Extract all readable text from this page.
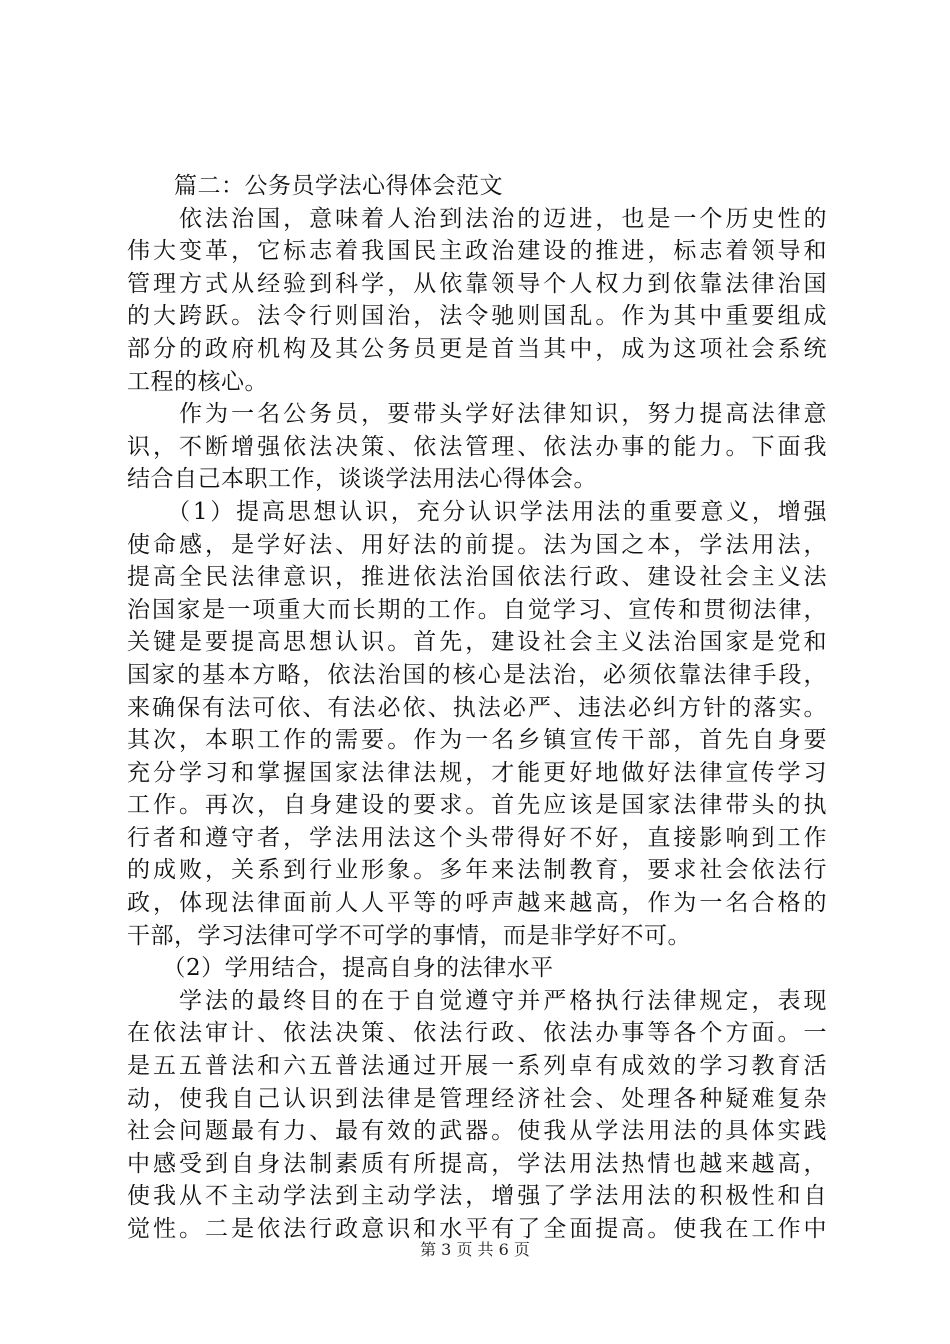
　　篇二：公务员学法心得体会范文
　　依法治国，意味着人治到法治的迈进，也是一个历史性的
伟大变革，它标志着我国民主政治建设的推进，标志着领导和
管理方式从经验到科学，从依靠领导个人权力到依靠法律治国
的大跨跃。法令行则国治，法令驰则国乱。作为其中重要组成
部分的政府机构及其公务员更是首当其中，成为这项社会系统
工程的核心。
　　作为一名公务员，要带头学好法律知识，努力提高法律意
识，不断增强依法决策、依法管理、依法办事的能力。下面我
结合自己本职工作，谈谈学法用法心得体会。
　　（1）提高思想认识，充分认识学法用法的重要意义，增强
使命感，是学好法、用好法的前提。法为国之本，学法用法，
提高全民法律意识，推进依法治国依法行政、建设社会主义法
治国家是一项重大而长期的工作。自觉学习、宣传和贯彻法律，
关键是要提高思想认识。首先，建设社会主义法治国家是党和
国家的基本方略，依法治国的核心是法治，必须依靠法律手段，
来确保有法可依、有法必依、执法必严、违法必纠方针的落实。
其次，本职工作的需要。作为一名乡镇宣传干部，首先自身要
充分学习和掌握国家法律法规，才能更好地做好法律宣传学习
工作。再次，自身建设的要求。首先应该是国家法律带头的执
行者和遵守者，学法用法这个头带得好不好，直接影响到工作
的成败，关系到行业形象。多年来法制教育，要求社会依法行
政，体现法律面前人人平等的呼声越来越高，作为一名合格的
干部，学习法律可学不可学的事情，而是非学好不可。
　　（2）学用结合，提高自身的法律水平
　　学法的最终目的在于自觉遵守并严格执行法律规定，表现
在依法审计、依法决策、依法行政、依法办事等各个方面。一
是五五普法和六五普法通过开展一系列卓有成效的学习教育活
动，使我自己认识到法律是管理经济社会、处理各种疑难复杂
社会问题最有力、最有效的武器。使我从学法用法的具体实践
中感受到自身法制素质有所提高，学法用法热情也越来越高，
使我从不主动学法到主动学法，增强了学法用法的积极性和自
觉性。二是依法行政意识和水平有了全面提高。使我在工作中
第 3 页 共 6 页
